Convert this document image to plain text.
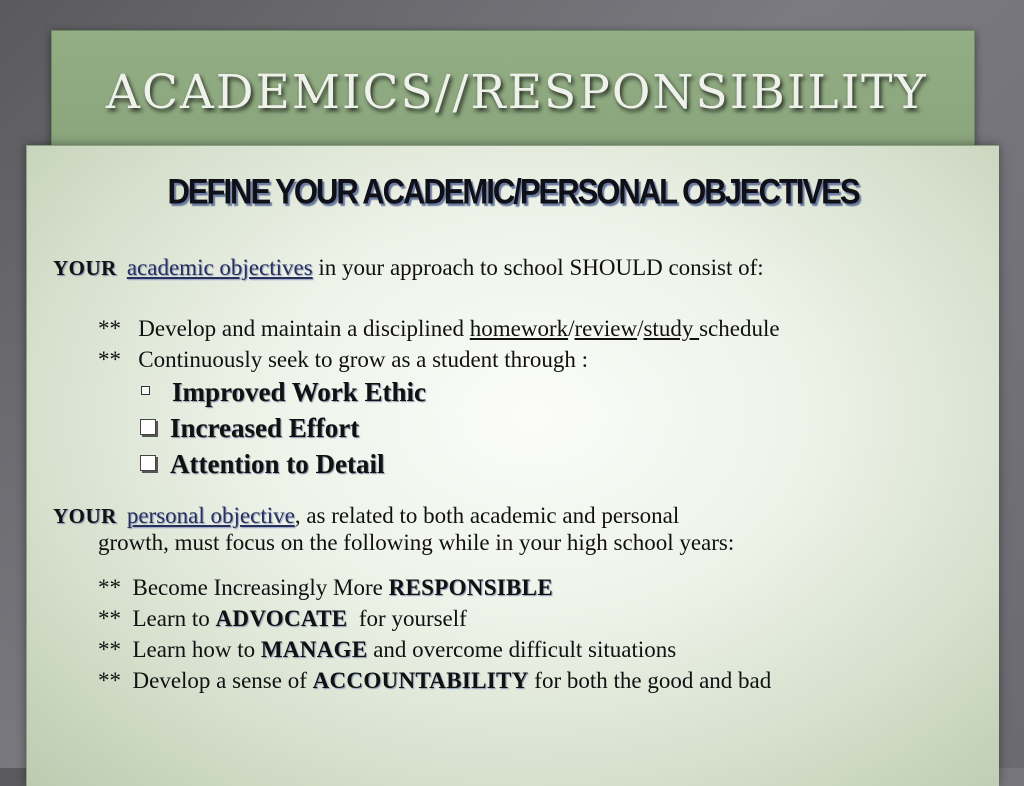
ACADEMICS//RESPONSIBILITY
DEFINE YOUR ACADEMIC/PERSONAL OBJECTIVES
YOUR academic objectives in your approach to school SHOULD consist of:
**   Develop and maintain a disciplined homework/review/study schedule
**   Continuously seek to grow as a student through :
Improved Work Ethic
Increased Effort
Attention to Detail
YOUR personal objective, as related to both academic and personal
growth, must focus on the following while in your high school years:
**  Become Increasingly More RESPONSIBLE
**  Learn to ADVOCATE  for yourself
**  Learn how to MANAGE and overcome difficult situations
**  Develop a sense of ACCOUNTABILITY for both the good and bad
